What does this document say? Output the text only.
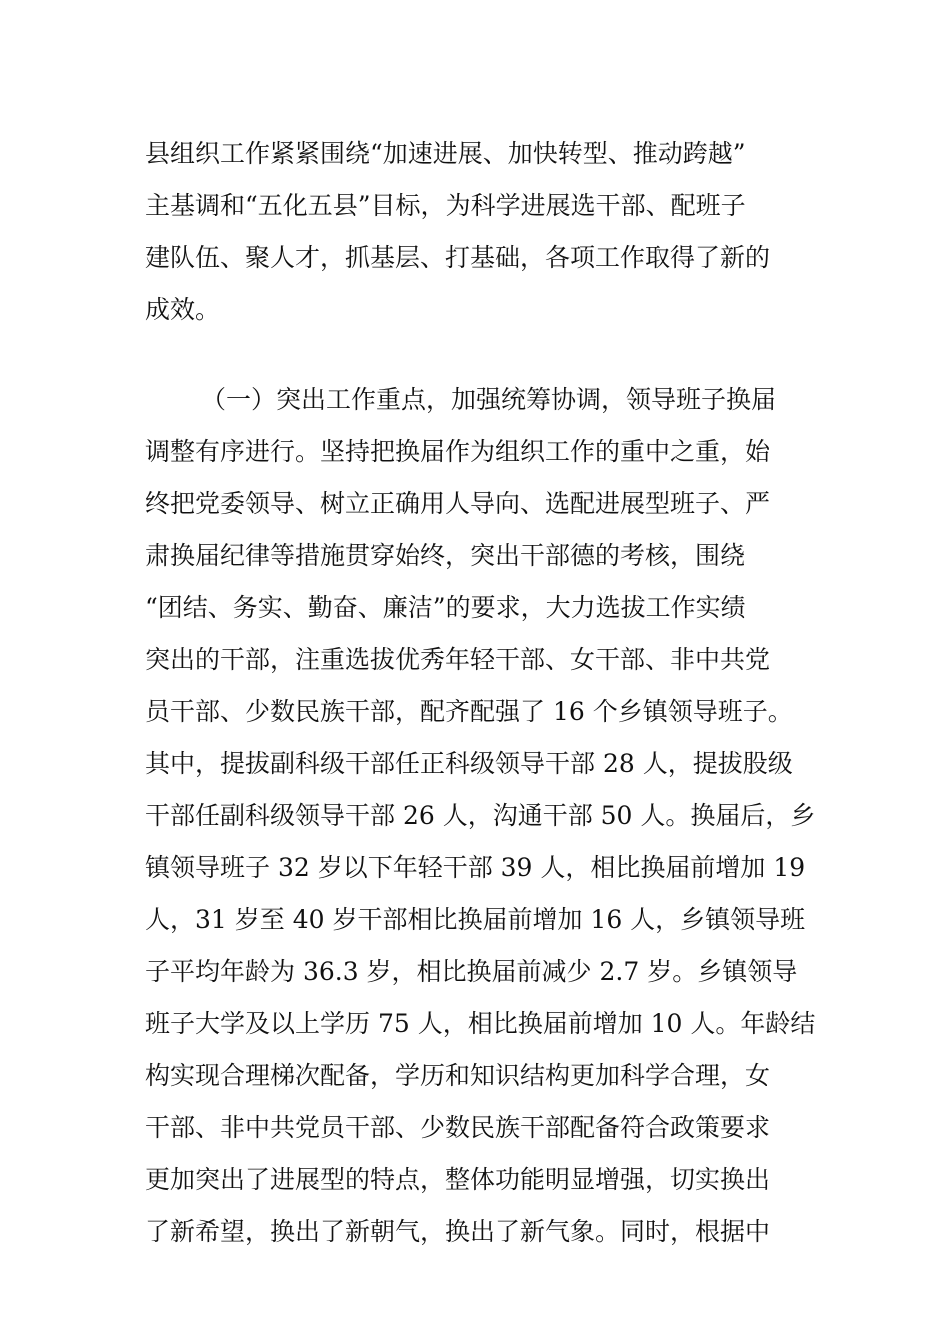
县组织工作紧紧围绕“加速进展、加快转型、推动跨越”
主基调和“五化五县”目标，为科学进展选干部、配班子
建队伍、聚人才，抓基层、打基础，各项工作取得了新的
成效。
（一）突出工作重点，加强统筹协调，领导班子换届
调整有序进行。坚持把换届作为组织工作的重中之重，始
终把党委领导、树立正确用人导向、选配进展型班子、严
肃换届纪律等措施贯穿始终，突出干部德的考核，围绕
“团结、务实、勤奋、廉洁”的要求，大力选拔工作实绩
突出的干部，注重选拔优秀年轻干部、女干部、非中共党
员干部、少数民族干部，配齐配强了 16 个乡镇领导班子。
其中，提拔副科级干部任正科级领导干部 28 人，提拔股级
干部任副科级领导干部 26 人，沟通干部 50 人。换届后，乡
镇领导班子 32 岁以下年轻干部 39 人，相比换届前增加 19
人，31 岁至 40 岁干部相比换届前增加 16 人，乡镇领导班
子平均年龄为 36.3 岁，相比换届前减少 2.7 岁。乡镇领导
班子大学及以上学历 75 人，相比换届前增加 10 人。年龄结
构实现合理梯次配备，学历和知识结构更加科学合理，女
干部、非中共党员干部、少数民族干部配备符合政策要求
更加突出了进展型的特点，整体功能明显增强，切实换出
了新希望，换出了新朝气，换出了新气象。同时，根据中
